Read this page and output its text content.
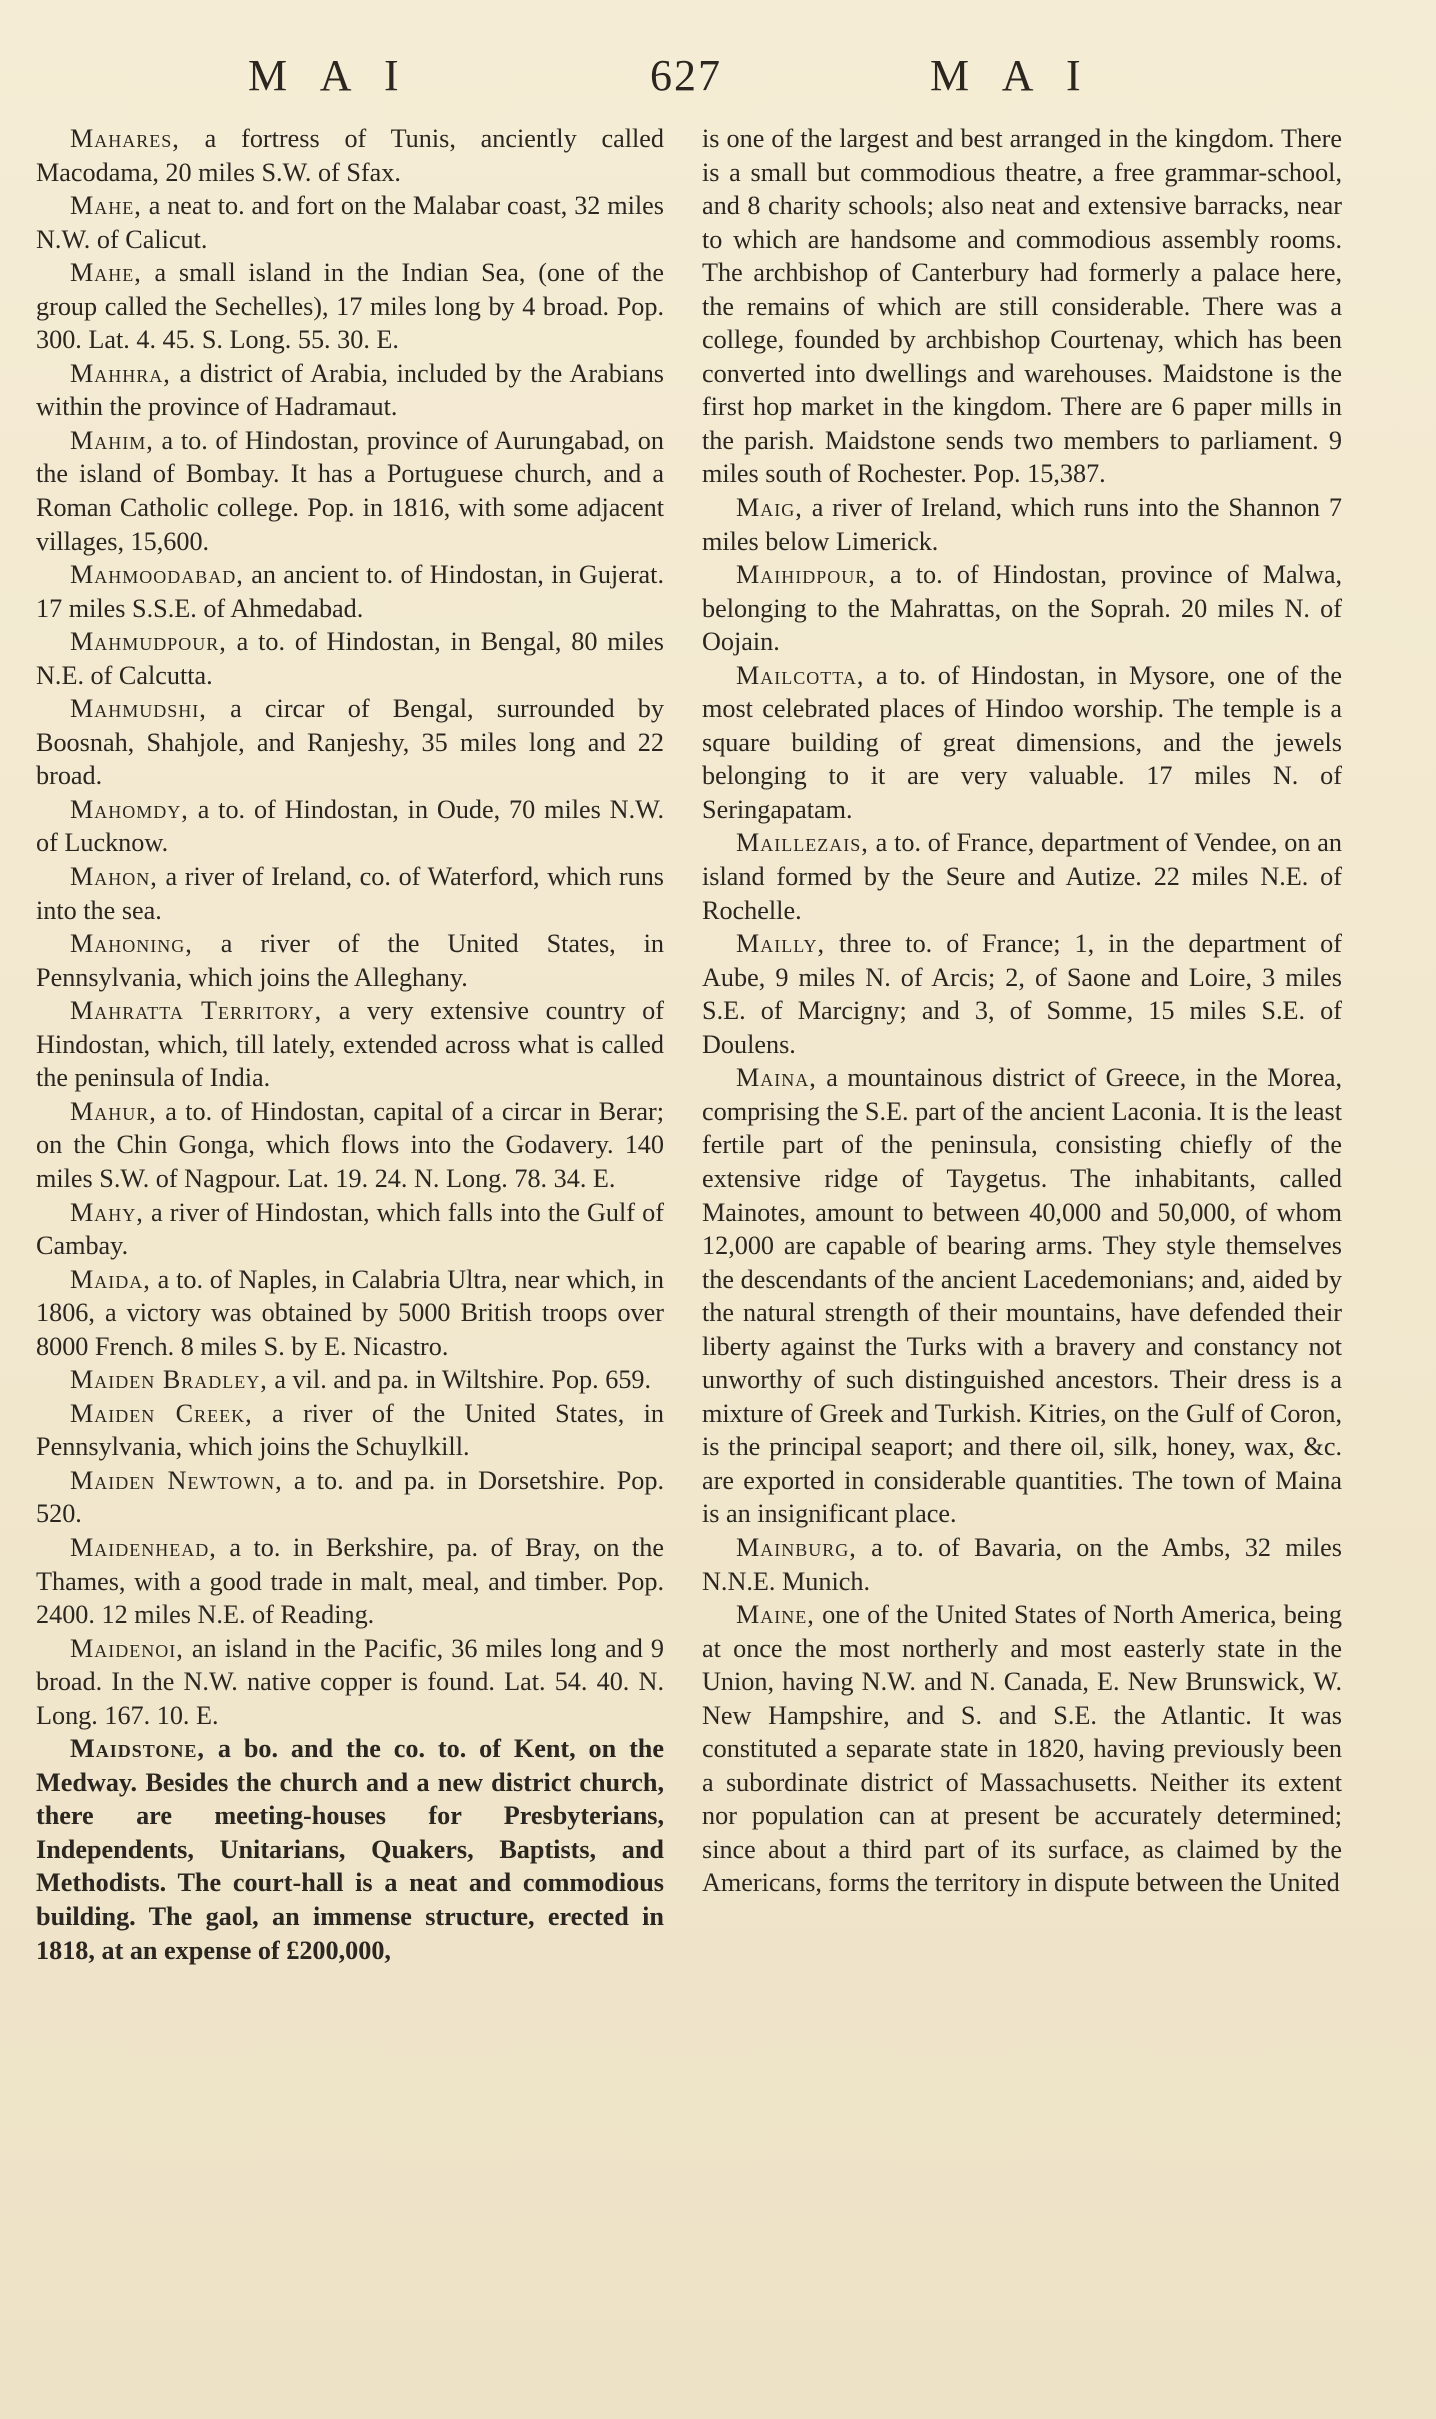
M A I	627	M A I

Mahares, a fortress of Tunis, anciently called Macodama, 20 miles S.W. of Sfax.

Mahe, a neat to. and fort on the Malabar coast, 32 miles N.W. of Calicut.

Mahe, a small island in the Indian Sea, (one of the group called the Sechelles), 17 miles long by 4 broad. Pop. 300. Lat. 4. 45. S. Long. 55. 30. E.

Mahhra, a district of Arabia, included by the Arabians within the province of Hadramaut.

Mahim, a to. of Hindostan, province of Aurungabad, on the island of Bombay. It has a Portuguese church, and a Roman Catholic college. Pop. in 1816, with some adjacent villages, 15,600.

Mahmoodabad, an ancient to. of Hindostan, in Gujerat. 17 miles S.S.E. of Ahmedabad.

Mahmudpour, a to. of Hindostan, in Bengal, 80 miles N.E. of Calcutta.

Mahmudshi, a circar of Bengal, surrounded by Boosnah, Shahjole, and Ranjeshy, 35 miles long and 22 broad.

Mahomdy, a to. of Hindostan, in Oude, 70 miles N.W. of Lucknow.

Mahon, a river of Ireland, co. of Waterford, which runs into the sea.

Mahoning, a river of the United States, in Pennsylvania, which joins the Alleghany.

Mahratta Territory, a very extensive country of Hindostan, which, till lately, extended across what is called the peninsula of India.

Mahur, a to. of Hindostan, capital of a circar in Berar; on the Chin Gonga, which flows into the Godavery. 140 miles S.W. of Nagpour. Lat. 19. 24. N. Long. 78. 34. E.

Mahy, a river of Hindostan, which falls into the Gulf of Cambay.

Maida, a to. of Naples, in Calabria Ultra, near which, in 1806, a victory was obtained by 5000 British troops over 8000 French. 8 miles S. by E. Nicastro.

Maiden Bradley, a vil. and pa. in Wiltshire. Pop. 659.

Maiden Creek, a river of the United States, in Pennsylvania, which joins the Schuylkill.

Maiden Newtown, a to. and pa. in Dorsetshire. Pop. 520.

Maidenhead, a to. in Berkshire, pa. of Bray, on the Thames, with a good trade in malt, meal, and timber. Pop. 2400. 12 miles N.E. of Reading.

Maidenoi, an island in the Pacific, 36 miles long and 9 broad. In the N.W. native copper is found. Lat. 54. 40. N. Long. 167. 10. E.

Maidstone, a bo. and the co. to. of Kent, on the Medway. Besides the church and a new district church, there are meeting-houses for Presbyterians, Independents, Unitarians, Quakers, Baptists, and Methodists. The court-hall is a neat and commodious building. The gaol, an immense structure, erected in 1818, at an expense of £200,000,

is one of the largest and best arranged in the kingdom. There is a small but commodious theatre, a free grammar-school, and 8 charity schools; also neat and extensive barracks, near to which are handsome and commodious assembly rooms. The archbishop of Canterbury had formerly a palace here, the remains of which are still considerable. There was a college, founded by archbishop Courtenay, which has been converted into dwellings and warehouses. Maidstone is the first hop market in the kingdom. There are 6 paper mills in the parish. Maidstone sends two members to parliament. 9 miles south of Rochester. Pop. 15,387.

Maig, a river of Ireland, which runs into the Shannon 7 miles below Limerick.

Maihidpour, a to. of Hindostan, province of Malwa, belonging to the Mahrattas, on the Soprah. 20 miles N. of Oojain.

Mailcotta, a to. of Hindostan, in Mysore, one of the most celebrated places of Hindoo worship. The temple is a square building of great dimensions, and the jewels belonging to it are very valuable. 17 miles N. of Seringapatam.

Maillezais, a to. of France, department of Vendee, on an island formed by the Seure and Autize. 22 miles N.E. of Rochelle.

Mailly, three to. of France; 1, in the department of Aube, 9 miles N. of Arcis; 2, of Saone and Loire, 3 miles S.E. of Marcigny; and 3, of Somme, 15 miles S.E. of Doulens.

Maina, a mountainous district of Greece, in the Morea, comprising the S.E. part of the ancient Laconia. It is the least fertile part of the peninsula, consisting chiefly of the extensive ridge of Taygetus. The inhabitants, called Mainotes, amount to between 40,000 and 50,000, of whom 12,000 are capable of bearing arms. They style themselves the descendants of the ancient Lacedemonians; and, aided by the natural strength of their mountains, have defended their liberty against the Turks with a bravery and constancy not unworthy of such distinguished ancestors. Their dress is a mixture of Greek and Turkish. Kitries, on the Gulf of Coron, is the principal seaport; and there oil, silk, honey, wax, &c. are exported in considerable quantities. The town of Maina is an insignificant place.

Mainburg, a to. of Bavaria, on the Ambs, 32 miles N.N.E. Munich.

Maine, one of the United States of North America, being at once the most northerly and most easterly state in the Union, having N.W. and N. Canada, E. New Brunswick, W. New Hampshire, and S. and S.E. the Atlantic. It was constituted a separate state in 1820, having previously been a subordinate district of Massachusetts. Neither its extent nor population can at present be accurately determined; since about a third part of its surface, as claimed by the Americans, forms the territory in dispute between the United
